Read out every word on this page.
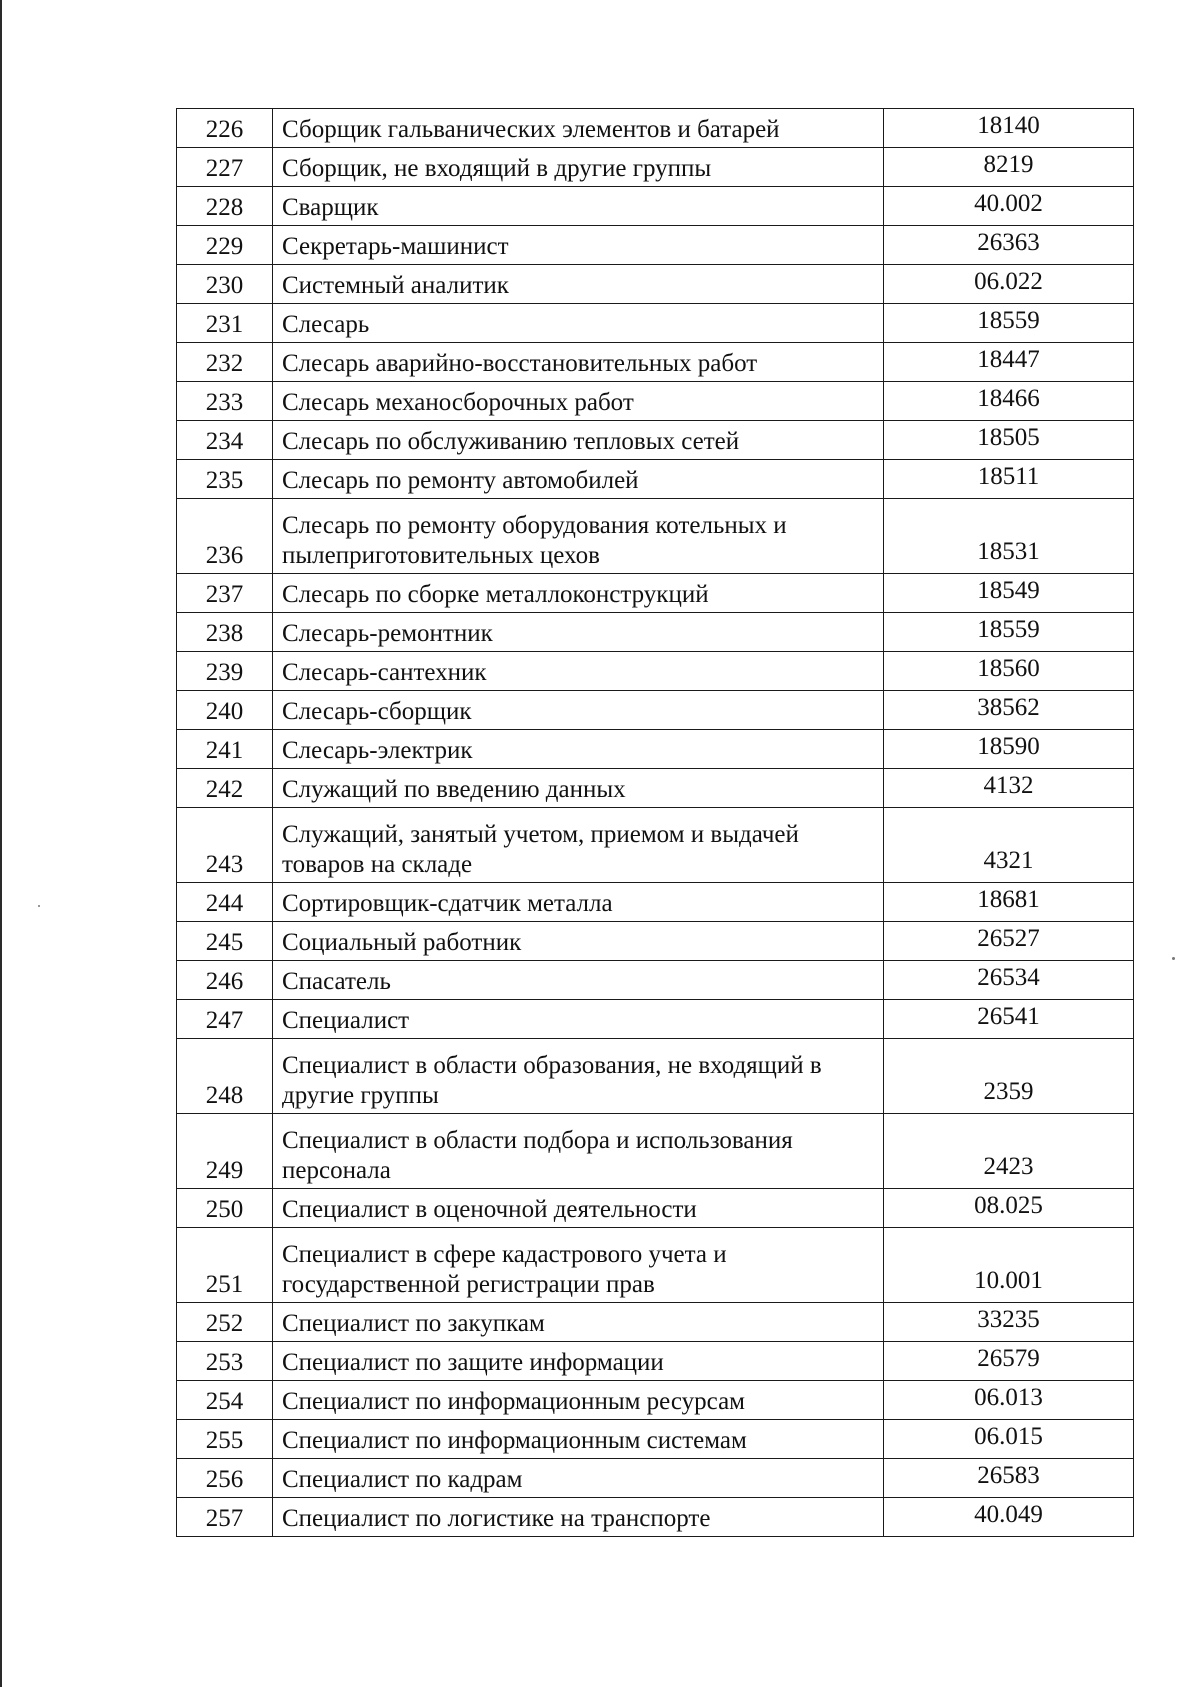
226	Сборщик гальванических элементов и батарей	18140
227	Сборщик, не входящий в другие группы	8219
228	Сварщик	40.002
229	Секретарь-машинист	26363
230	Системный аналитик	06.022
231	Слесарь	18559
232	Слесарь аварийно-восстановительных работ	18447
233	Слесарь механосборочных работ	18466
234	Слесарь по обслуживанию тепловых сетей	18505
235	Слесарь по ремонту автомобилей	18511
236	Слесарь по ремонту оборудования котельных и пылеприготовительных цехов	18531
237	Слесарь по сборке металлоконструкций	18549
238	Слесарь-ремонтник	18559
239	Слесарь-сантехник	18560
240	Слесарь-сборщик	38562
241	Слесарь-электрик	18590
242	Служащий по введению данных	4132
243	Служащий, занятый учетом, приемом и выдачей товаров на складе	4321
244	Сортировщик-сдатчик металла	18681
245	Социальный работник	26527
246	Спасатель	26534
247	Специалист	26541
248	Специалист в области образования, не входящий в другие группы	2359
249	Специалист в области подбора и использования персонала	2423
250	Специалист в оценочной деятельности	08.025
251	Специалист в сфере кадастрового учета и государственной регистрации прав	10.001
252	Специалист по закупкам	33235
253	Специалист по защите информации	26579
254	Специалист по информационным ресурсам	06.013
255	Специалист по информационным системам	06.015
256	Специалист по кадрам	26583
257	Специалист по логистике на транспорте	40.049
